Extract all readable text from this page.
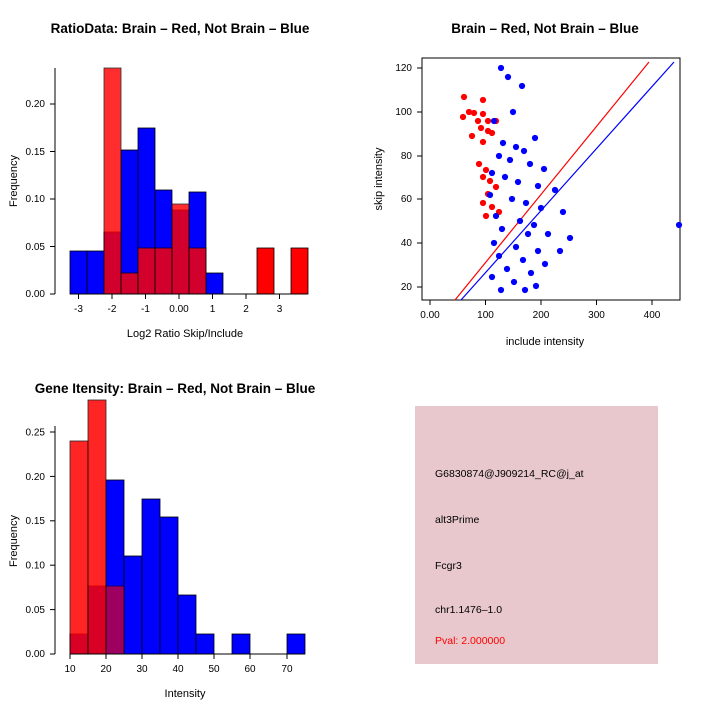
RatioData: Brain – Red, Not Brain – Blue
0.00
0.05
0.10
0.15
0.20
Frequency
-3 -2 -1 0.00 1	2	3
Log2 Ratio Skip/Include
Brain – Red, Not Brain – Blue
20
40
60
80
100
120
skip intensity
0.00	100	200	300	400
include intensity
Gene Itensity: Brain – Red, Not Brain – Blue
0.00
0.05
0.10
0.15
0.20
0.25
Frequency
10 20 30 40 50 60	70
Intensity
G6830874@J909214_RC@j_at
alt3Prime
Fcgr3
chr1.1476–1.0
Pval: 2.000000
